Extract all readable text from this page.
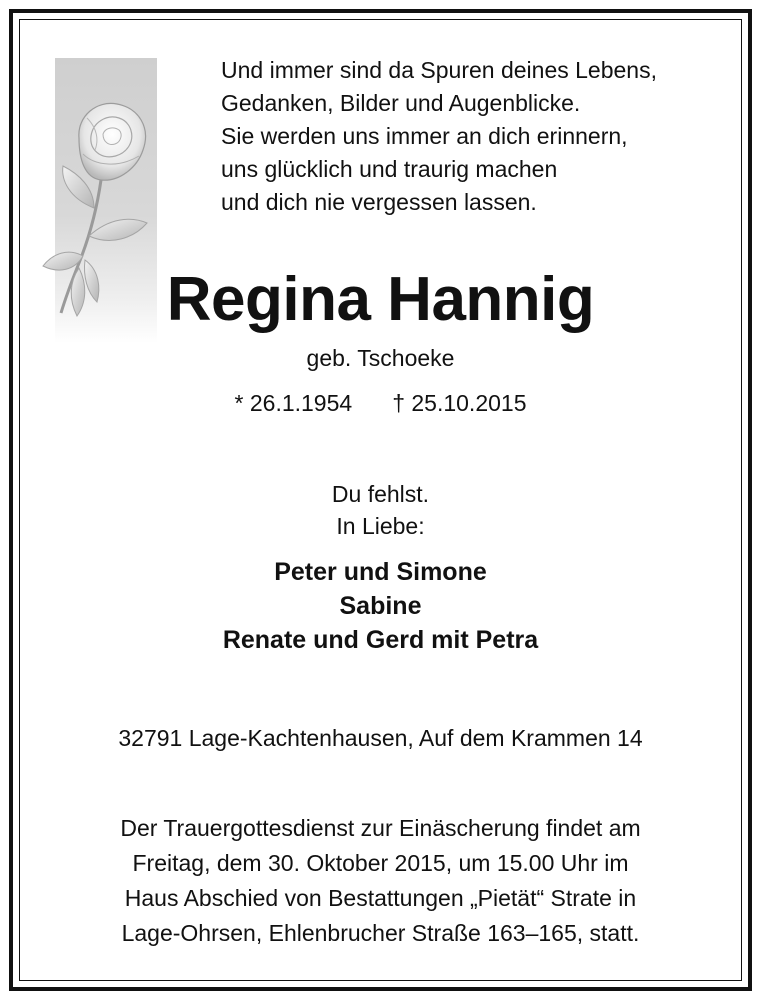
Und immer sind da Spuren deines Lebens,
Gedanken, Bilder und Augenblicke.
Sie werden uns immer an dich erinnern,
uns glücklich und traurig machen
und dich nie vergessen lassen.
Regina Hannig
geb. Tschoeke
* 26.1.1954 † 25.10.2015
Du fehlst.
In Liebe:
Peter und Simone
Sabine
Renate und Gerd mit Petra
32791 Lage-Kachtenhausen, Auf dem Krammen 14
Der Trauergottesdienst zur Einäscherung findet am
Freitag, dem 30. Oktober 2015, um 15.00 Uhr im
Haus Abschied von Bestattungen „Pietät“ Strate in
Lage-Ohrsen, Ehlenbrucher Straße 163–165, statt.
